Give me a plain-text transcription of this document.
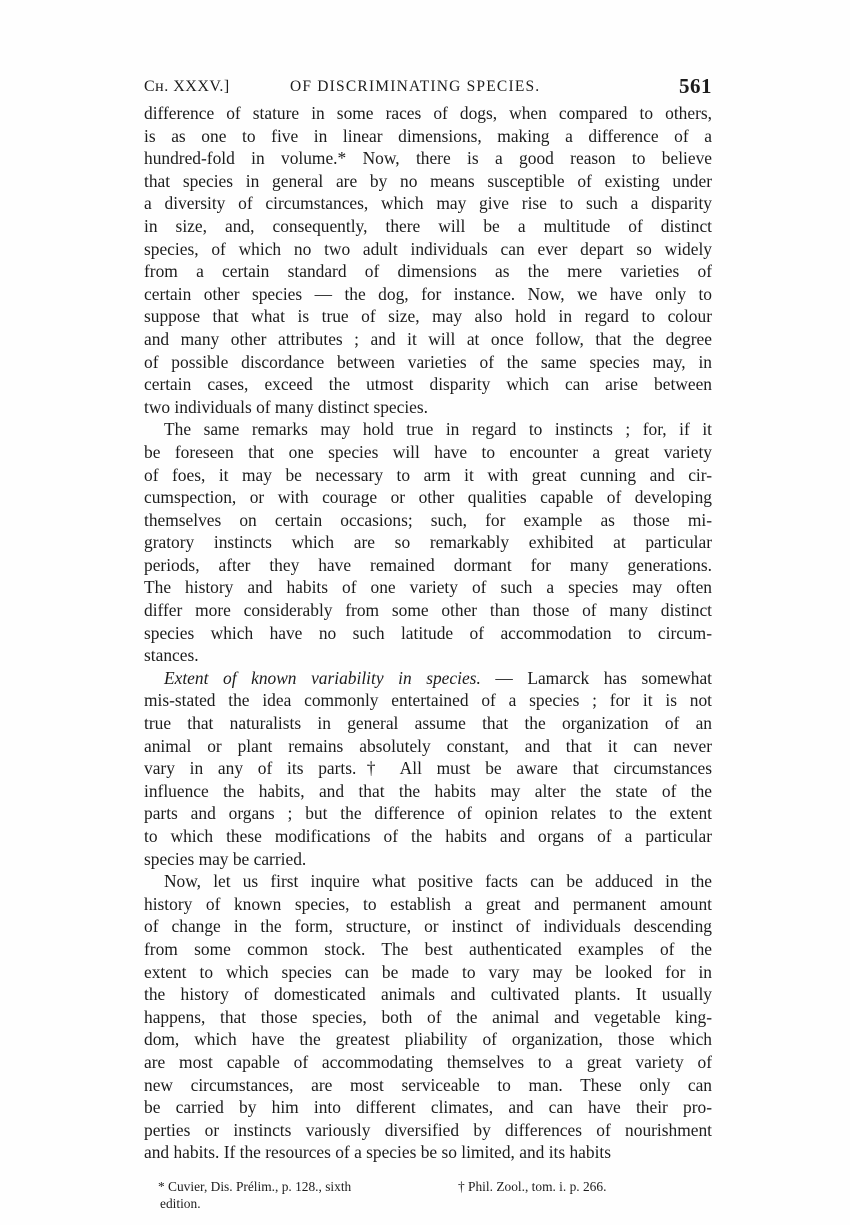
Cн. XXXV.]	OF DISCRIMINATING SPECIES.	561
difference of stature in some races of dogs, when compared to others,
is as one to five in linear dimensions, making a difference of a
hundred-fold in volume.* Now, there is a good reason to believe
that species in general are by no means susceptible of existing under
a diversity of circumstances, which may give rise to such a disparity
in size, and, consequently, there will be a multitude of distinct
species, of which no two adult individuals can ever depart so widely
from a certain standard of dimensions as the mere varieties of
certain other species — the dog, for instance. Now, we have only to
suppose that what is true of size, may also hold in regard to colour
and many other attributes ; and it will at once follow, that the degree
of possible discordance between varieties of the same species may, in
certain cases, exceed the utmost disparity which can arise between
two individuals of many distinct species.
The same remarks may hold true in regard to instincts ; for, if it
be foreseen that one species will have to encounter a great variety
of foes, it may be necessary to arm it with great cunning and cir-
cumspection, or with courage or other qualities capable of developing
themselves on certain occasions; such, for example as those mi-
gratory instincts which are so remarkably exhibited at particular
periods, after they have remained dormant for many generations.
The history and habits of one variety of such a species may often
differ more considerably from some other than those of many distinct
species which have no such latitude of accommodation to circum-
stances.
Extent of known variability in species. — Lamarck has somewhat
mis-stated the idea commonly entertained of a species ; for it is not
true that naturalists in general assume that the organization of an
animal or plant remains absolutely constant, and that it can never
vary in any of its parts.† All must be aware that circumstances
influence the habits, and that the habits may alter the state of the
parts and organs ; but the difference of opinion relates to the extent
to which these modifications of the habits and organs of a particular
species may be carried.
Now, let us first inquire what positive facts can be adduced in the
history of known species, to establish a great and permanent amount
of change in the form, structure, or instinct of individuals descending
from some common stock. The best authenticated examples of the
extent to which species can be made to vary may be looked for in
the history of domesticated animals and cultivated plants. It usually
happens, that those species, both of the animal and vegetable king-
dom, which have the greatest pliability of organization, those which
are most capable of accommodating themselves to a great variety of
new circumstances, are most serviceable to man. These only can
be carried by him into different climates, and can have their pro-
perties or instincts variously diversified by differences of nourishment
and habits. If the resources of a species be so limited, and its habits
* Cuvier, Dis. Prélim., p. 128., sixth
edition.
† Phil. Zool., tom. i. p. 266.
